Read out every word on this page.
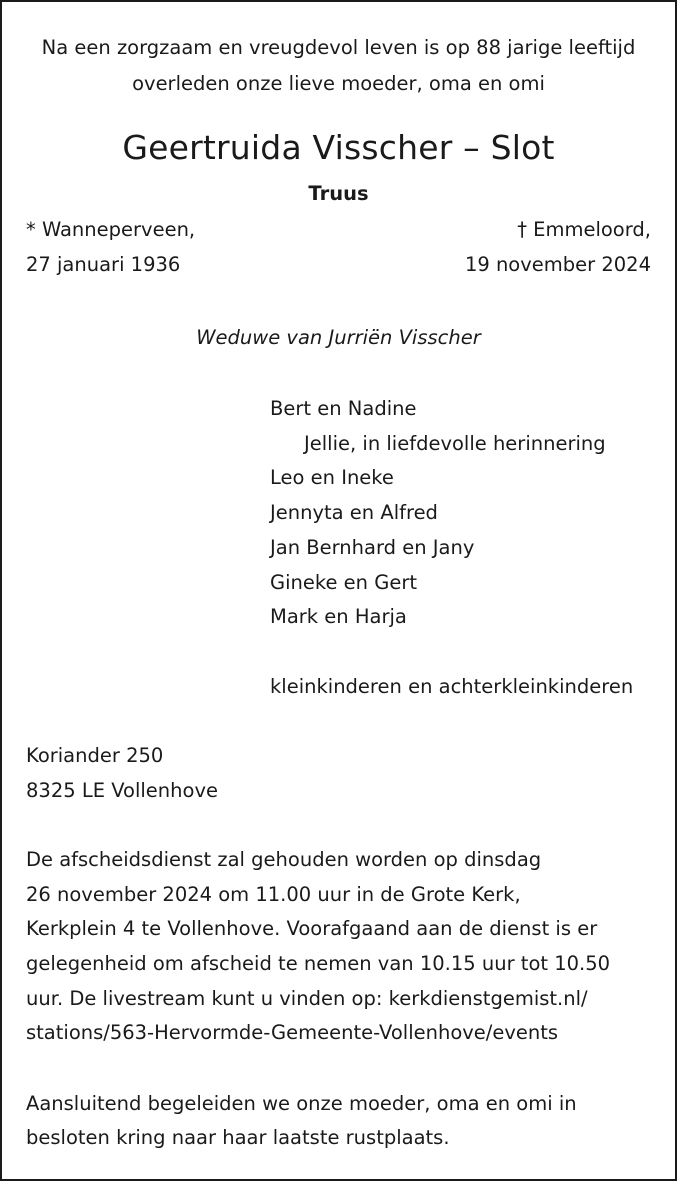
Na een zorgzaam en vreugdevol leven is op 88 jarige leeftijd

overleden onze lieve moeder, oma en omi

Geertruida Visscher – Slot

Truus

* Wanneperveen,

27 januari 1936

† Emmeloord,

19 november 2024

Weduwe van Jurriën Visscher

Bert en Nadine

Jellie, in liefdevolle herinnering

Leo en Ineke

Jennyta en Alfred

Jan Bernhard en Jany

Gineke en Gert

Mark en Harja

kleinkinderen en achterkleinkinderen

Koriander 250

8325 LE Vollenhove

De afscheidsdienst zal gehouden worden op dinsdag

26 november 2024 om 11.00 uur in de Grote Kerk,

Kerkplein 4 te Vollenhove. Voorafgaand aan de dienst is er

gelegenheid om afscheid te nemen van 10.15 uur tot 10.50

uur. De livestream kunt u vinden op: kerkdienstgemist.nl/

stations/563-Hervormde-Gemeente-Vollenhove/events

Aansluitend begeleiden we onze moeder, oma en omi in

besloten kring naar haar laatste rustplaats.
